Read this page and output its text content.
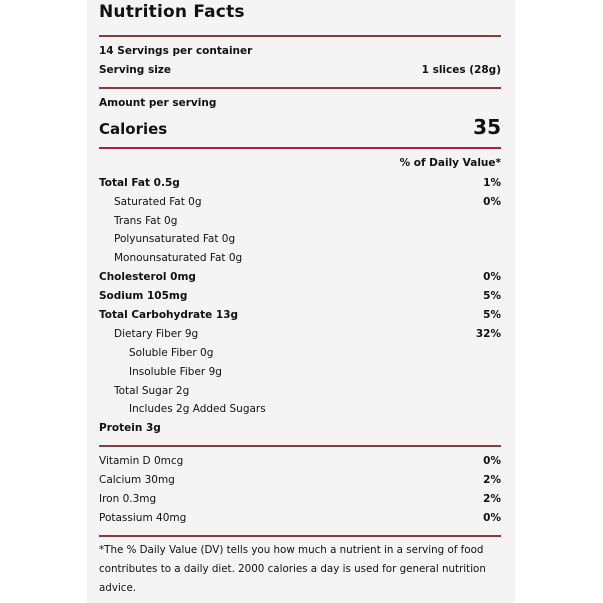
Nutrition Facts
14 Servings per container
Serving size	1 slices (28g)
Amount per serving
Calories	35
% of Daily Value*
Total Fat 0.5g	1%
Saturated Fat 0g	0%
Trans Fat 0g
Polyunsaturated Fat 0g
Monounsaturated Fat 0g
Cholesterol 0mg	0%
Sodium 105mg	5%
Total Carbohydrate 13g	5%
Dietary Fiber 9g	32%
Soluble Fiber 0g
Insoluble Fiber 9g
Total Sugar 2g
Includes 2g Added Sugars
Protein 3g
Vitamin D 0mcg	0%
Calcium 30mg	2%
Iron 0.3mg	2%
Potassium 40mg	0%
*The % Daily Value (DV) tells you how much a nutrient in a serving of food contributes to a daily diet. 2000 calories a day is used for general nutrition advice.
